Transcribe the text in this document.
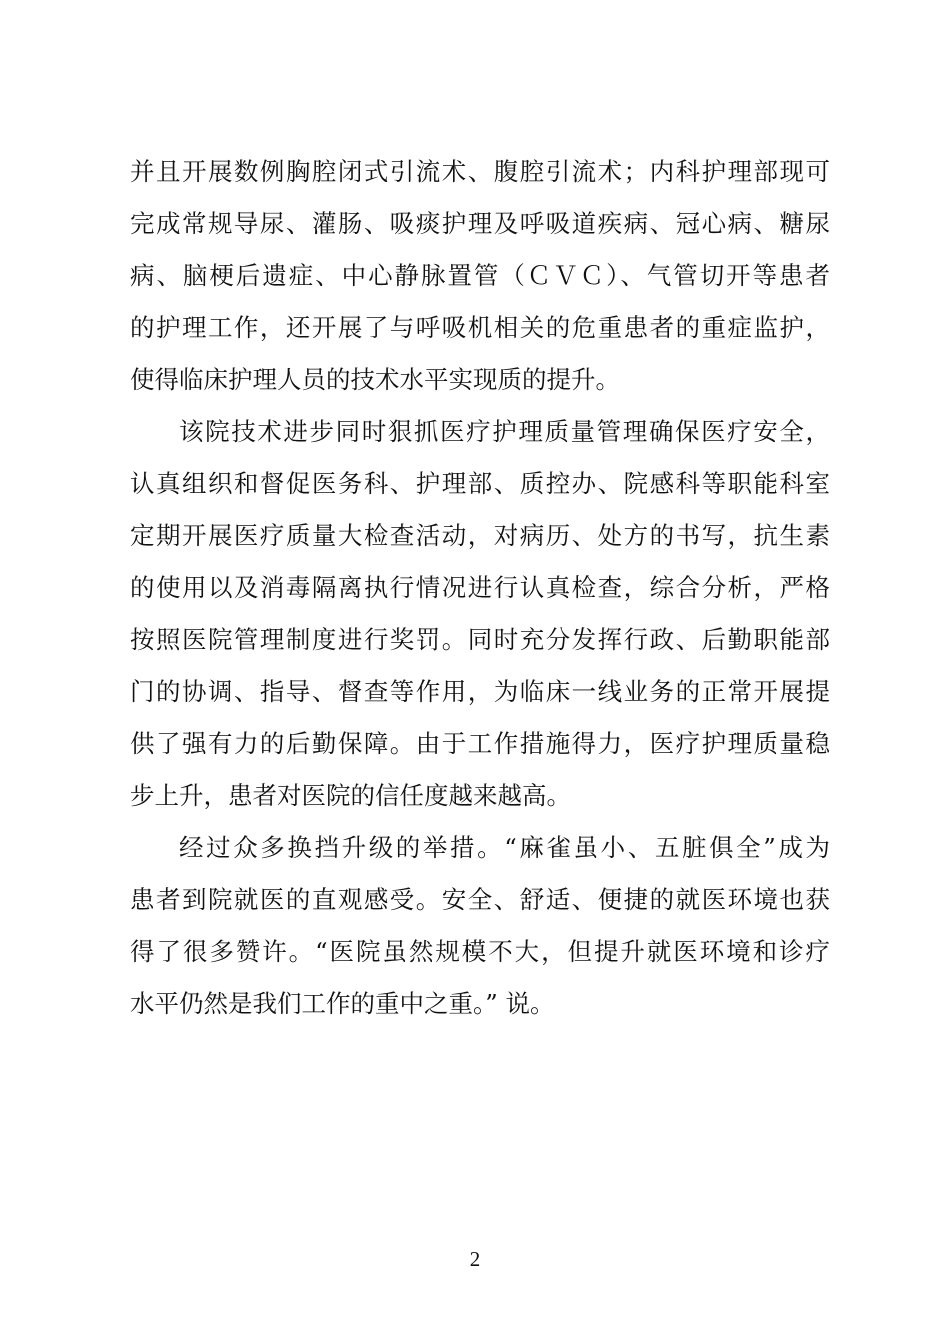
并且开展数例胸腔闭式引流术、腹腔引流术；内科护理部现可
完成常规导尿、灌肠、吸痰护理及呼吸道疾病、冠心病、糖尿
病、脑梗后遗症、中心静脉置管（ＣＶＣ）、气管切开等患者
的护理工作，还开展了与呼吸机相关的危重患者的重症监护，
使得临床护理人员的技术水平实现质的提升。
该院技术进步同时狠抓医疗护理质量管理确保医疗安全，
认真组织和督促医务科、护理部、质控办、院感科等职能科室
定期开展医疗质量大检查活动，对病历、处方的书写，抗生素
的使用以及消毒隔离执行情况进行认真检查，综合分析，严格
按照医院管理制度进行奖罚。同时充分发挥行政、后勤职能部
门的协调、指导、督查等作用，为临床一线业务的正常开展提
供了强有力的后勤保障。由于工作措施得力，医疗护理质量稳
步上升，患者对医院的信任度越来越高。
经过众多换挡升级的举措。“麻雀虽小、五脏俱全”成为
患者到院就医的直观感受。安全、舒适、便捷的就医环境也获
得了很多赞许。“医院虽然规模不大，但提升就医环境和诊疗
水平仍然是我们工作的重中之重。” 说。
2
